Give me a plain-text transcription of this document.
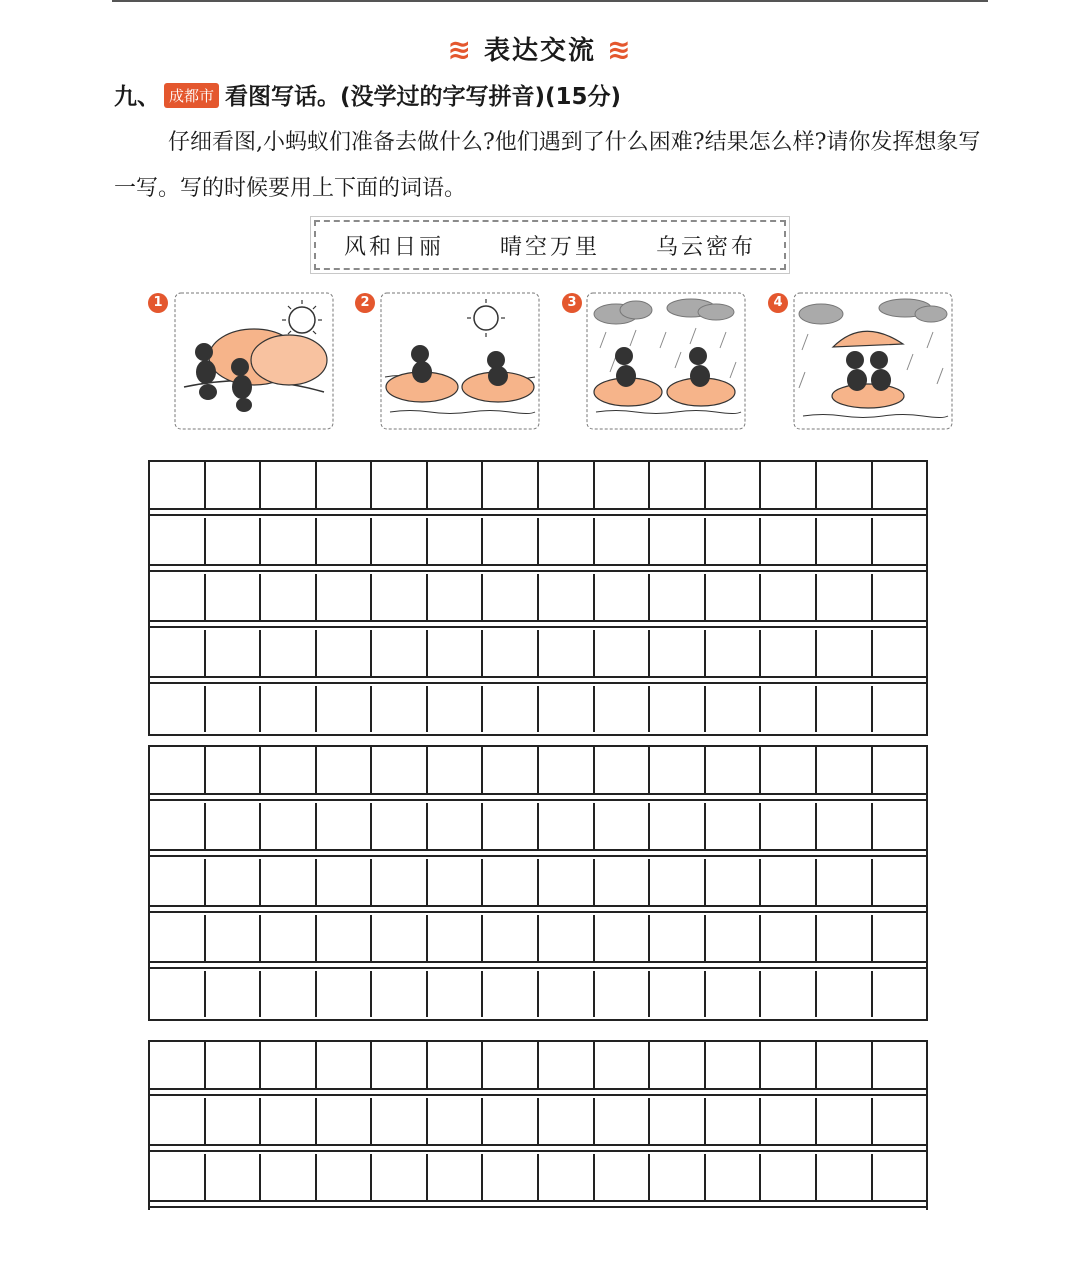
≋ 表达交流 ≋
九、 成都市 看图写话。(没学过的字写拼音)(15分)
仔细看图,小蚂蚁们准备去做什么?他们遇到了什么困难?结果怎么样?请你发挥想象写一写。写的时候要用上下面的词语。
风和日丽	晴空万里	乌云密布
1	2	3	4
